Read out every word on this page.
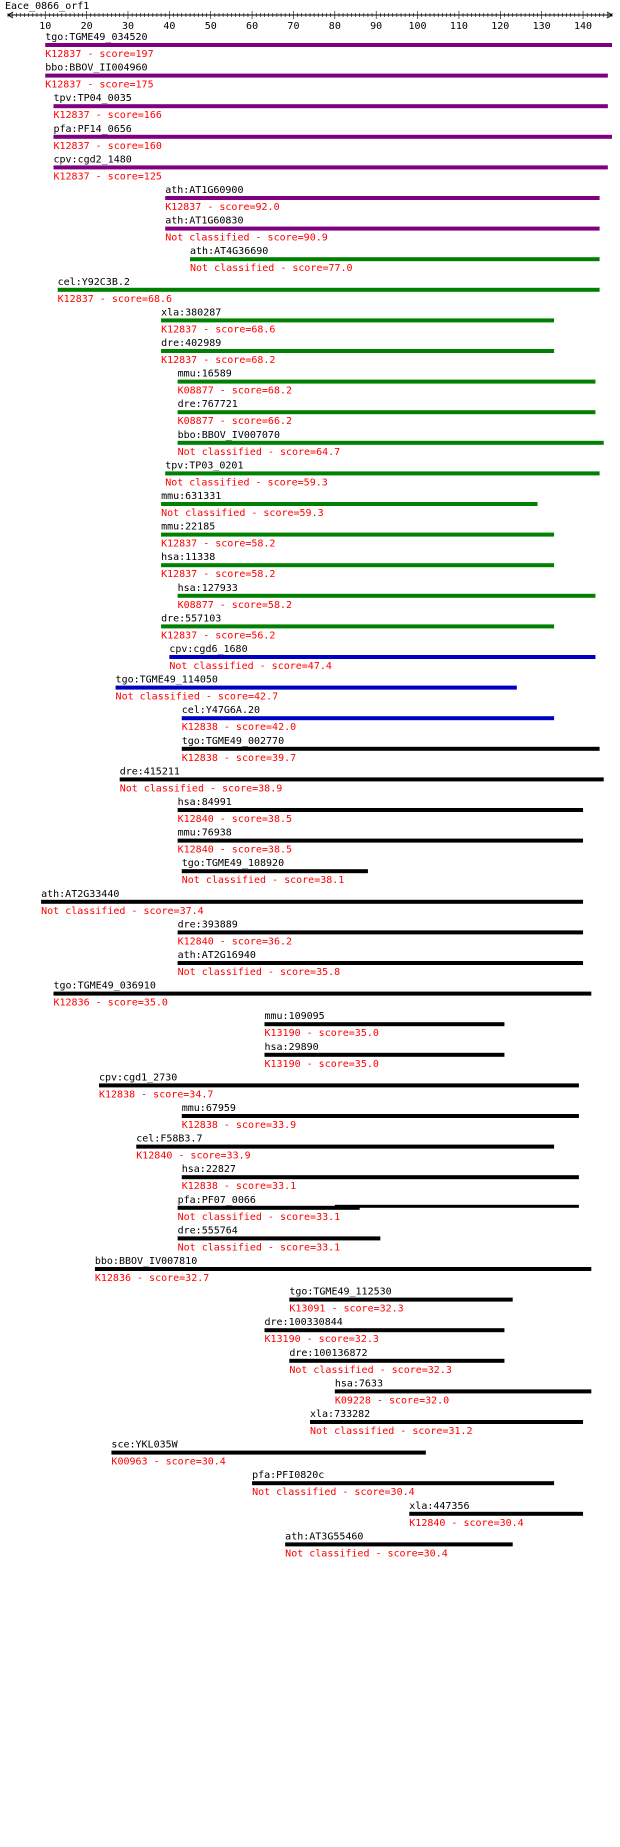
Eace_0866_orf1
10	20	30	40	50	60	70	80	90	100 110 120 130 140
tgo:TGME49_034520
K12837 - score=197
bbo:BBOV_II004960
K12837 - score=175
tpv:TP04_0035
K12837 - score=166
pfa:PF14_0656
K12837 - score=160
cpv:cgd2_1480
K12837 - score=125
ath:AT1G60900
K12837 - score=92.0
ath:AT1G60830
Not classified - score=90.9
ath:AT4G36690
Not classified - score=77.0
cel:Y92C3B.2
K12837 - score=68.6
xla:380287
K12837 - score=68.6
dre:402989
K12837 - score=68.2
mmu:16589
K08877 - score=68.2
dre:767721
K08877 - score=66.2
bbo:BBOV_IV007070
Not classified - score=64.7
tpv:TP03_0201
Not classified - score=59.3
mmu:631331
Not classified - score=59.3
mmu:22185
K12837 - score=58.2
hsa:11338
K12837 - score=58.2
hsa:127933
K08877 - score=58.2
dre:557103
K12837 - score=56.2
cpv:cgd6_1680
Not classified - score=47.4
tgo:TGME49_114050
Not classified - score=42.7
cel:Y47G6A.20
K12838 - score=42.0
tgo:TGME49_002770
K12838 - score=39.7
dre:415211
Not classified - score=38.9
hsa:84991
K12840 - score=38.5
mmu:76938
K12840 - score=38.5
tgo:TGME49_108920
Not classified - score=38.1
ath:AT2G33440
Not classified - score=37.4
dre:393889
K12840 - score=36.2
ath:AT2G16940
Not classified - score=35.8
tgo:TGME49_036910
K12836 - score=35.0
mmu:109095
K13190 - score=35.0
hsa:29890
K13190 - score=35.0
cpv:cgd1_2730
K12838 - score=34.7
mmu:67959
K12838 - score=33.9
cel:F58B3.7
K12840 - score=33.9
hsa:22827
K12838 - score=33.1
pfa:PF07_0066
Not classified - score=33.1
dre:555764
Not classified - score=33.1
bbo:BBOV_IV007810
K12836 - score=32.7
tgo:TGME49_112530
K13091 - score=32.3
dre:100330844
K13190 - score=32.3
dre:100136872
Not classified - score=32.3
hsa:7633
K09228 - score=32.0
xla:733282
Not classified - score=31.2
sce:YKL035W
K00963 - score=30.4
pfa:PFI0820c
Not classified - score=30.4
xla:447356
K12840 - score=30.4
ath:AT3G55460
Not classified - score=30.4
